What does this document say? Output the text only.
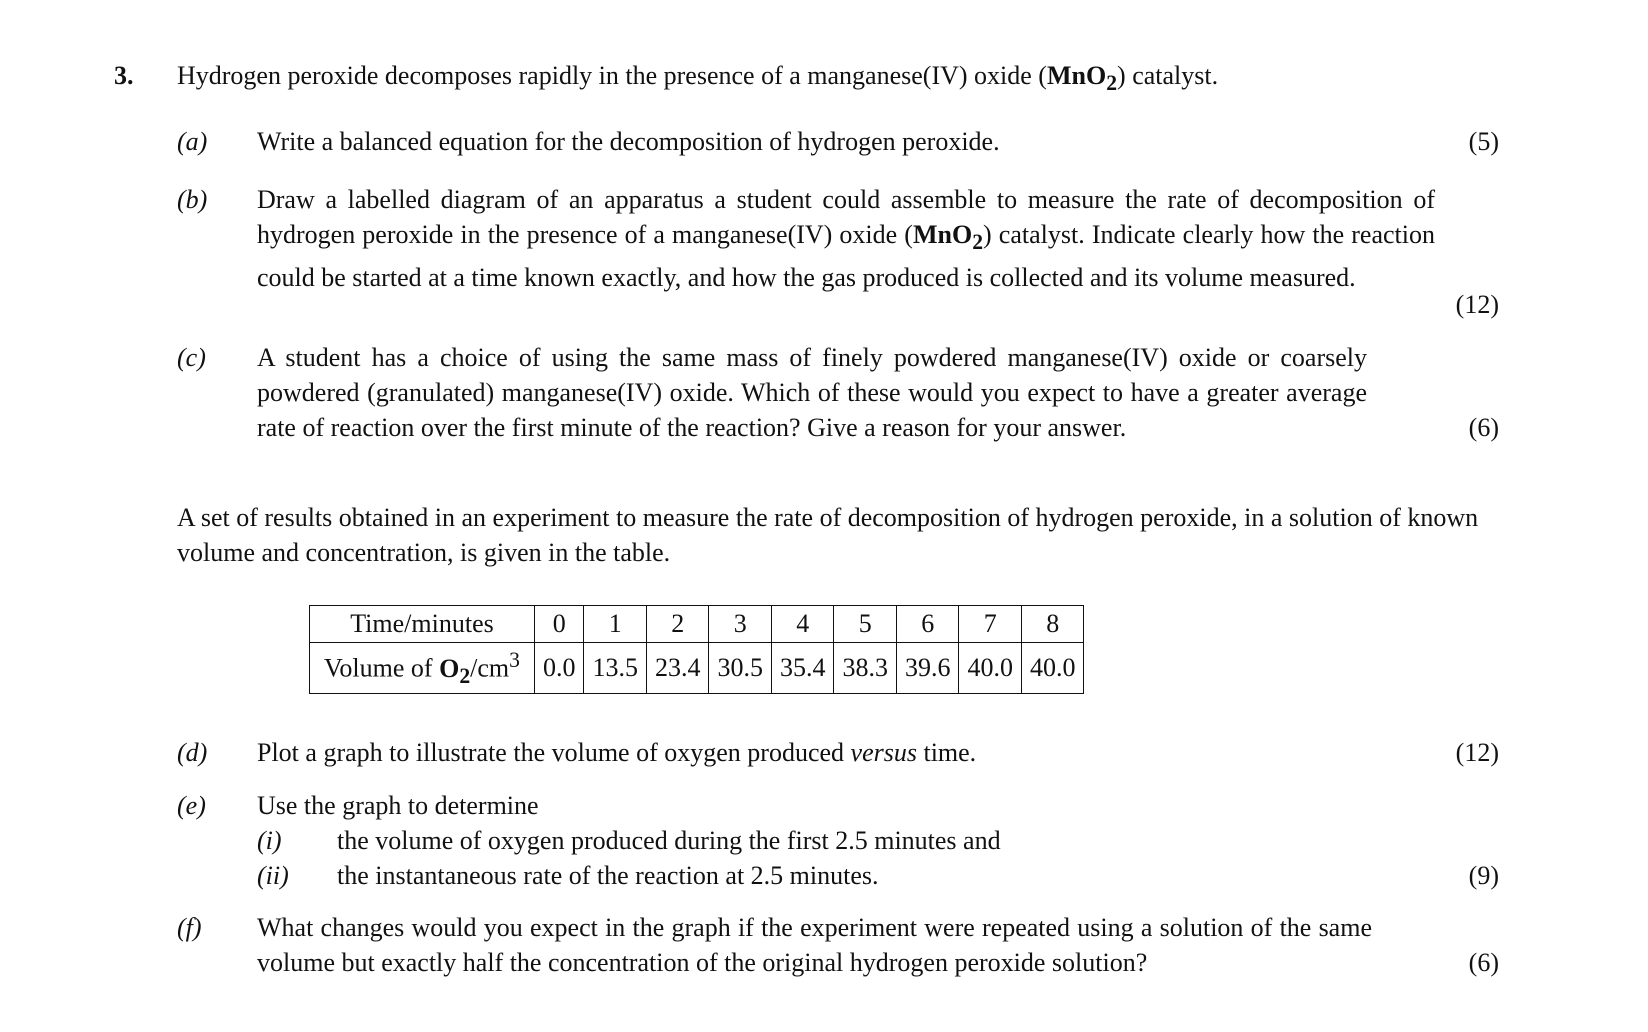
3. Hydrogen peroxide decomposes rapidly in the presence of a manganese(IV) oxide (MnO$_2$) catalyst.
(a) Write a balanced equation for the decomposition of hydrogen peroxide.	(5)
(b) Draw a labelled diagram of an apparatus a student could assemble to measure the rate of decomposition of hydrogen peroxide in the presence of a manganese(IV) oxide (MnO$_2$) catalyst. Indicate clearly how the reaction could be started at a time known exactly, and how the gas produced is collected and its volume measured.
(12)
(c) A student has a choice of using the same mass of finely powdered manganese(IV) oxide or coarsely powdered (granulated) manganese(IV) oxide. Which of these would you expect to have a greater average rate of reaction over the first minute of the reaction? Give a reason for your answer.	(6)
A set of results obtained in an experiment to measure the rate of decomposition of hydrogen peroxide, in a solution of known volume and concentration, is given in the table.
Time/minutes	0	1	2	3	4	5	6	7	8
Volume of $O_2/cm^3$	0.0	13.5	23.4	30.5	35.4	38.3	39.6	40.0	40.0
(d) Plot a graph to illustrate the volume of oxygen produced versus time.	(12)
(e) Use the graph to determine
(i) the volume of oxygen produced during the first 2.5 minutes and
(ii) the instantaneous rate of the reaction at 2.5 minutes.	(9)
(f) What changes would you expect in the graph if the experiment were repeated using a solution of the same volume but exactly half the concentration of the original hydrogen peroxide solution?	(6)
